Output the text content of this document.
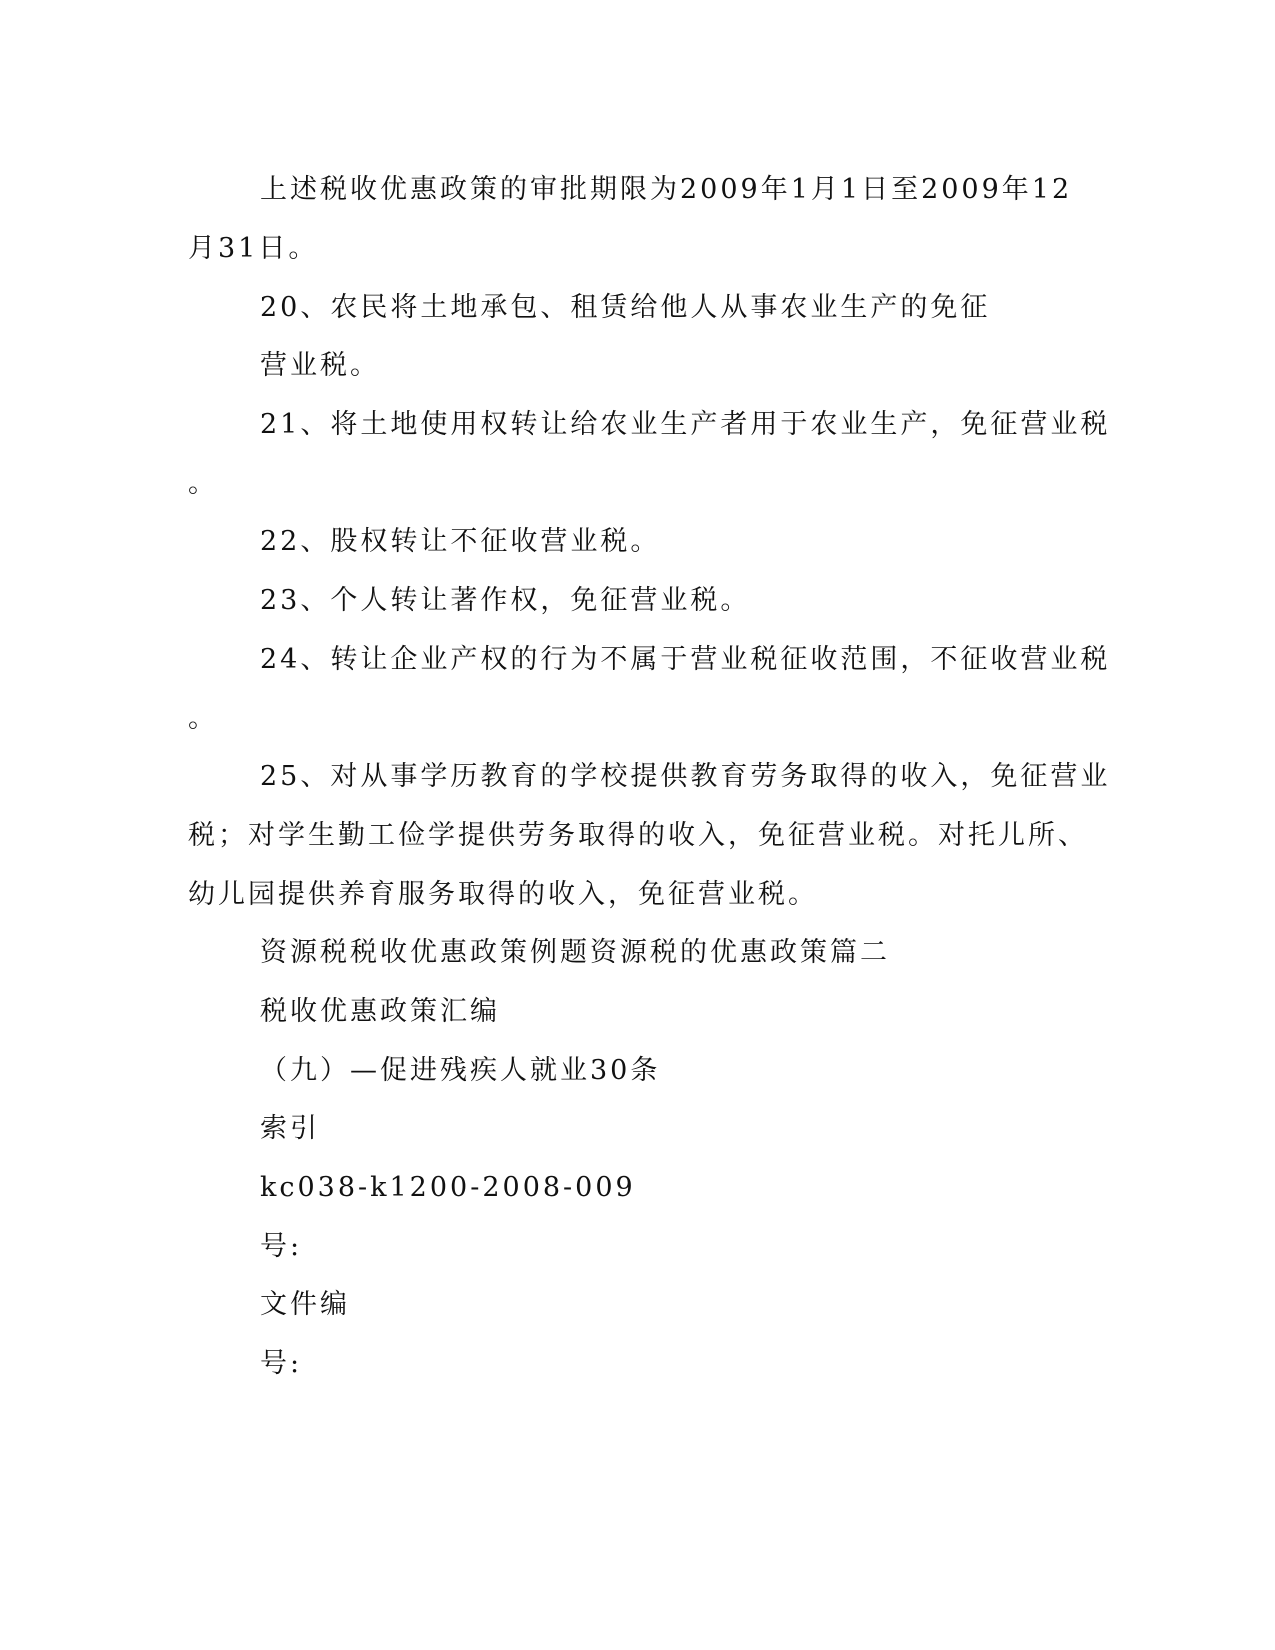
上述税收优惠政策的审批期限为2009年1月1日至2009年12
月31日。
20、农民将土地承包、租赁给他人从事农业生产的免征
营业税。
21、将土地使用权转让给农业生产者用于农业生产，免征营业税
。
22、股权转让不征收营业税。
23、个人转让著作权，免征营业税。
24、转让企业产权的行为不属于营业税征收范围，不征收营业税
。
25、对从事学历教育的学校提供教育劳务取得的收入，免征营业
税；对学生勤工俭学提供劳务取得的收入，免征营业税。对托儿所、
幼儿园提供养育服务取得的收入，免征营业税。
资源税税收优惠政策例题资源税的优惠政策篇二
税收优惠政策汇编
（九）—促进残疾人就业30条
索引
kc038-k1200-2008-009
号:
文件编
号:
